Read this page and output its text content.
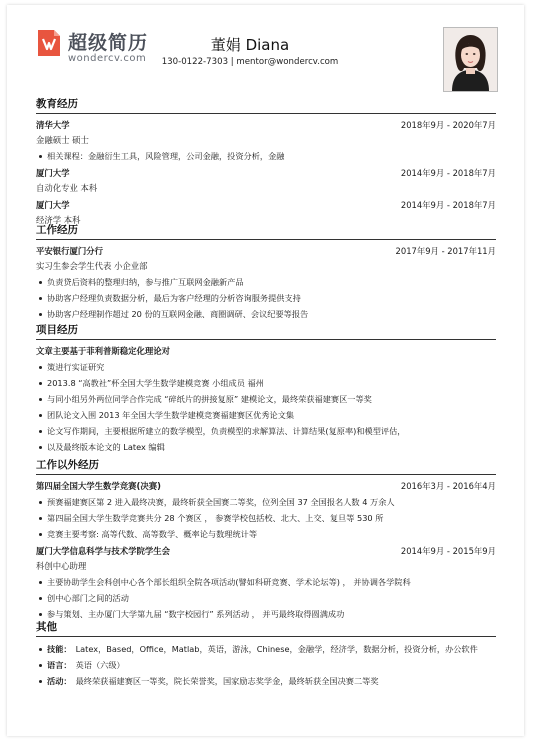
超级简历
wondercv.com
董娟 Diana
130-0122-7303 | mentor@wondercv.com
教育经历
清华大学	2018年9月 - 2020年7月
金融硕士 硕士
相关课程：金融衍生工具，风险管理，公司金融，投资分析，金融
厦门大学	2014年9月 - 2018年7月
自动化专业 本科
厦门大学	2014年9月 - 2018年7月
经济学 本科
工作经历
平安银行厦门分行	2017年9月 - 2017年11月
实习生参会学生代表 小企业部
负责贷后资料的整理归纳，参与推广互联网金融新产品
协助客户经理负责数据分析，最后为客户经理的分析咨询服务提供支持
协助客户经理制作超过 20 份的互联网金融、商圈调研、会议纪要等报告
项目经历
文章主要基于菲利普斯稳定化理论对
策进行实证研究
2013.8 “高教社”杯全国大学生数学建模竞赛 小组成员 福州
与同小组另外两位同学合作完成 “碎纸片的拼接复原” 建模论文，最终荣获福建赛区一等奖
团队论文入围 2013 年全国大学生数学建模竞赛福建赛区优秀论文集
论文写作期间，主要根据所建立的数学模型，负责模型的求解算法、计算结果(复原率)和模型评估，
以及最终版本论文的 Latex 编辑
工作以外经历
第四届全国大学生数学竞赛(决赛)	2016年3月 - 2016年4月
预赛福建赛区第 2 进入最终决赛，最终斩获全国赛二等奖，位列全国 37 全国报名人数 4 万余人
第四届全国大学生数学竞赛共分 28 个赛区 ， 参赛学校包括校、北大、上交、复旦等 530 所
竞赛主要考察: 高等代数、高等数学、概率论与数理统计等
厦门大学信息科学与技术学院学生会	2014年9月 - 2015年9月
科创中心助理
主要协助学生会科创中心各个部长组织全院各项活动(譬如科研竞赛、学术论坛等) ， 并协调各学院科
创中心部门之间的活动
参与策划、主办厦门大学第九届 “数字校园行” 系列活动 ， 并丐最终取得圆满成功
其他
技能： Latex，Based，Office，Matlab，英语，游泳，Chinese，金融学，经济学，数据分析，投资分析，办公软件
语言： 英语（六级）
活动： 最终荣获福建赛区一等奖，院长荣誉奖，国家励志奖学金，最终斩获全国决赛二等奖
